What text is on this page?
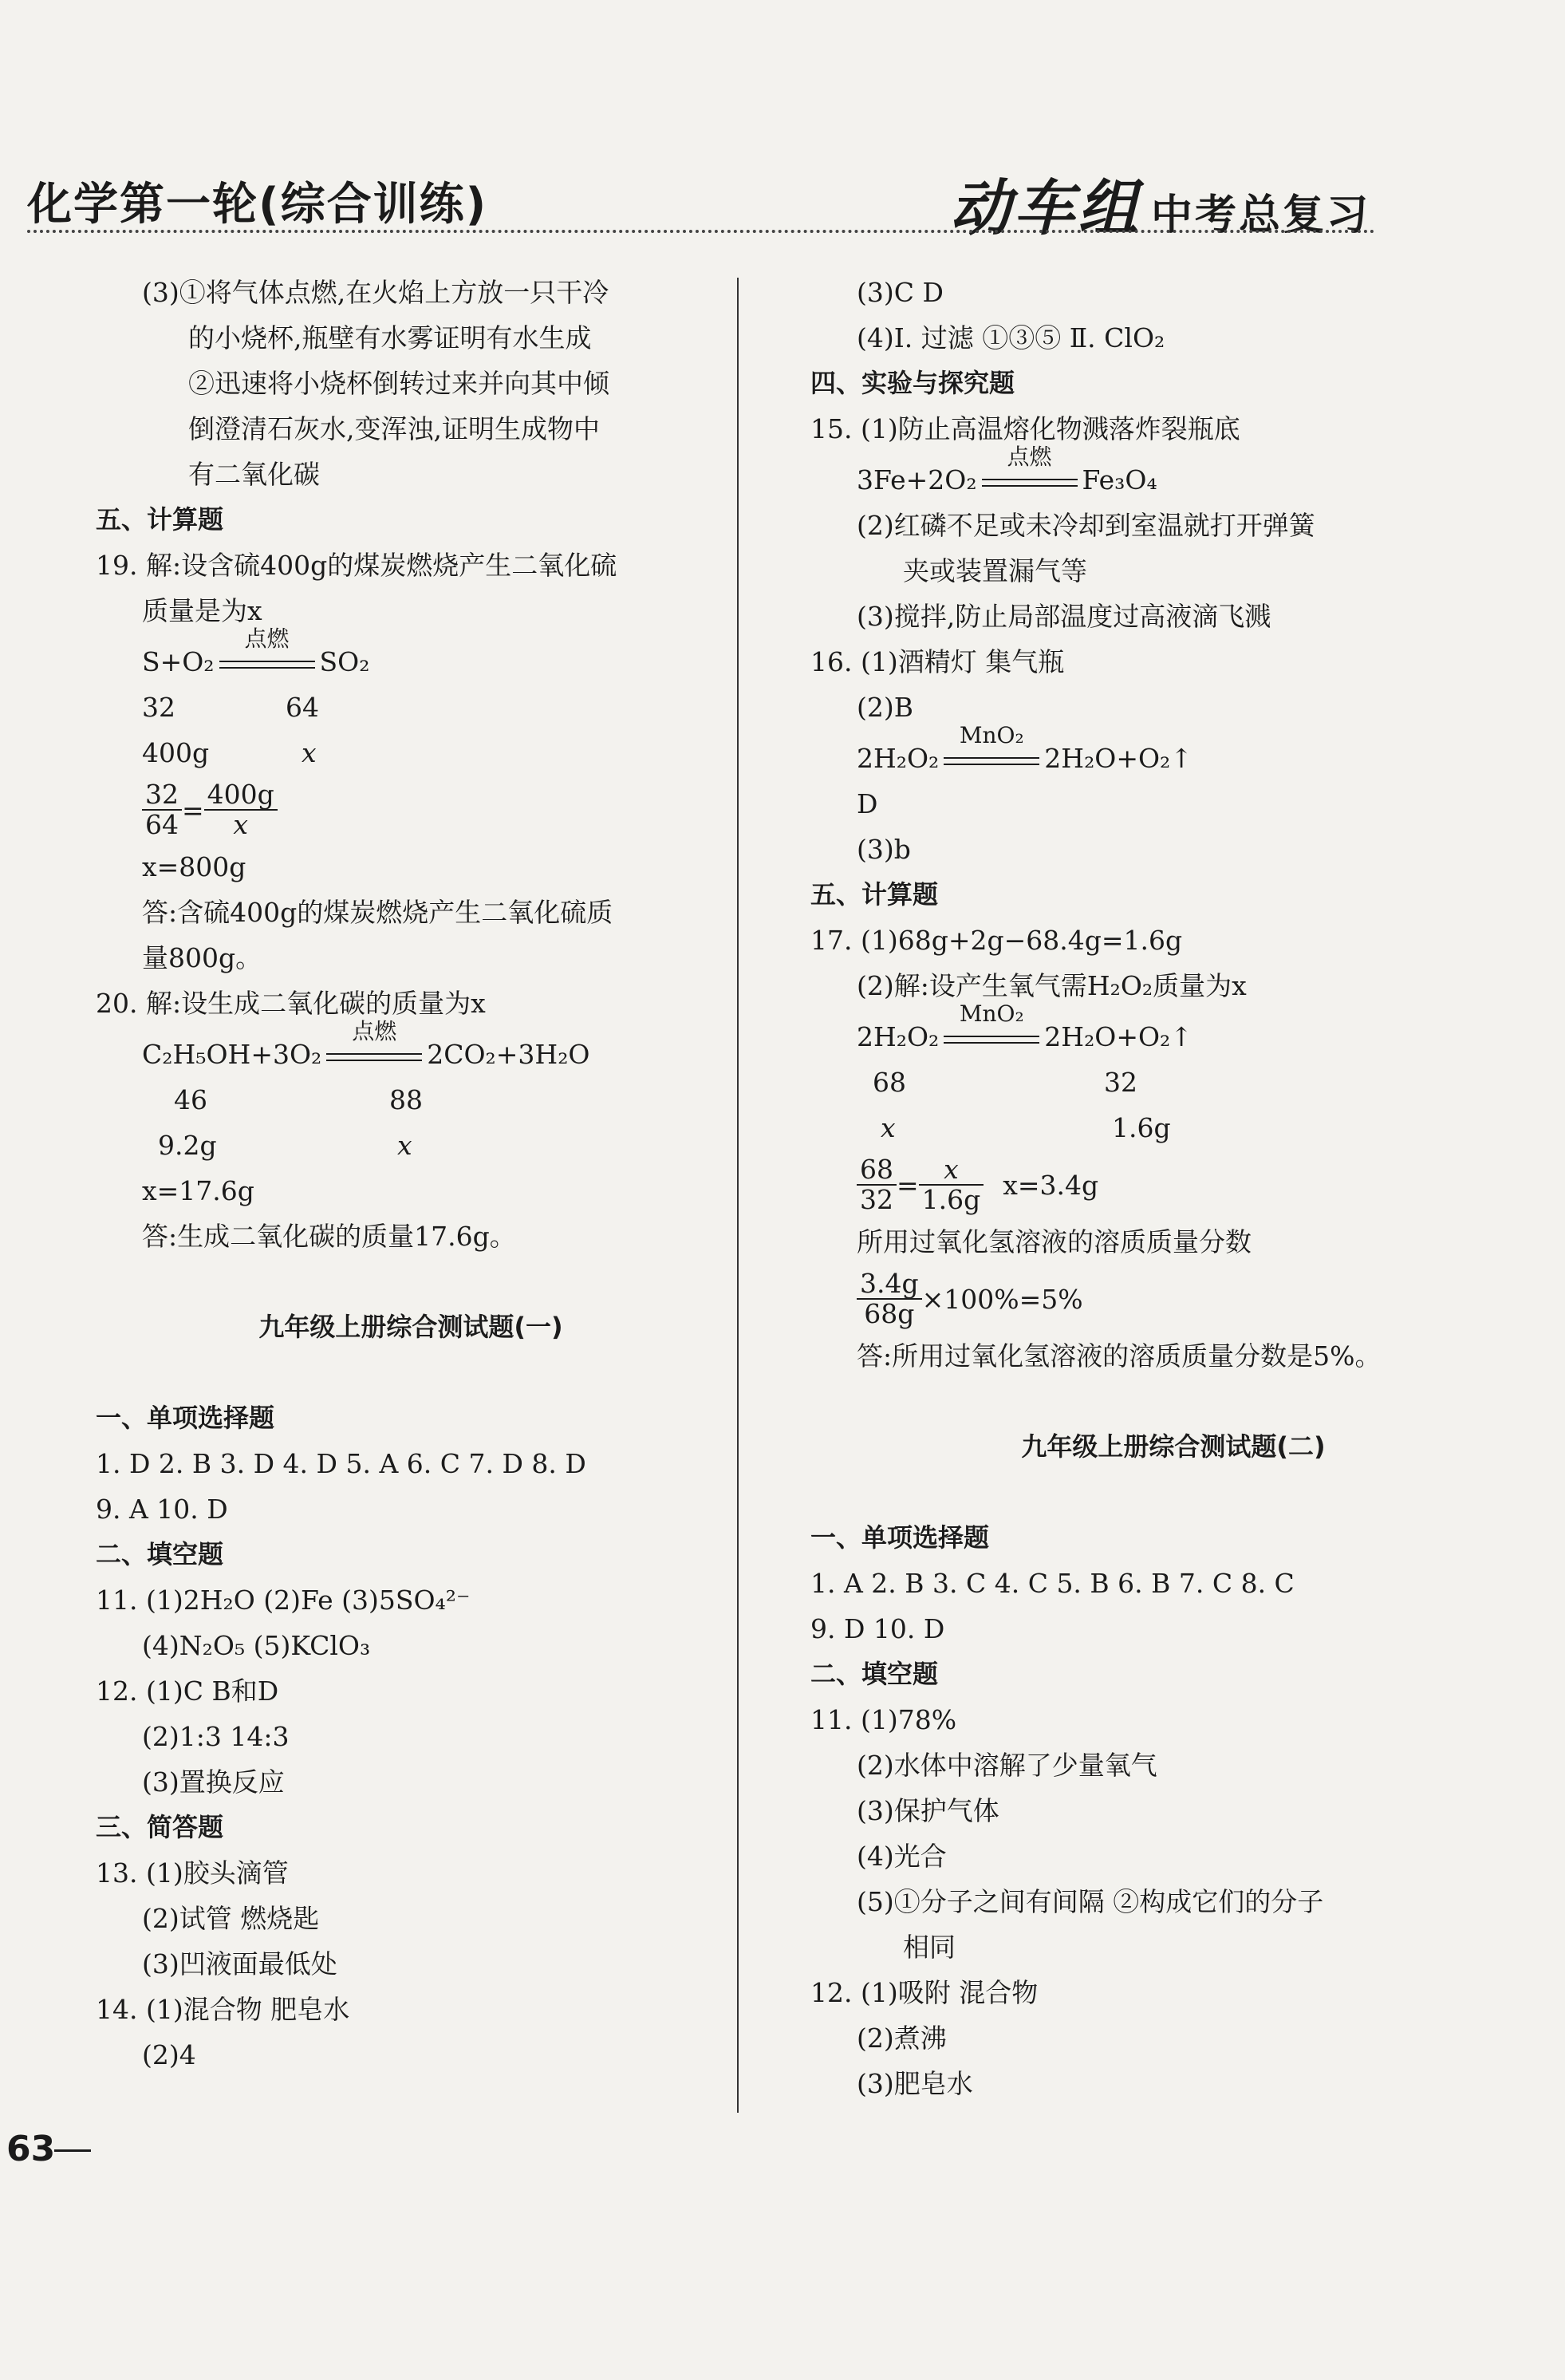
化学第一轮(综合训练)	动车组 中考总复习
(3)①将气体点燃,在火焰上方放一只干冷
的小烧杯,瓶壁有水雾证明有水生成
②迅速将小烧杯倒转过来并向其中倾
倒澄清石灰水,变浑浊,证明生成物中
有二氧化碳
五、计算题
19. 解:设含硫400g的煤炭燃烧产生二氧化硫
质量是为x
S+O₂
点燃
SO₂
32	64
400g	x
$\frac{32}{64} = \frac{400g}{x}$
x=800g
答:含硫400g的煤炭燃烧产生二氧化硫质
量800g。
20. 解:设生成二氧化碳的质量为x
C₂H₅OH+3O₂
点燃
2CO₂+3H₂O
46	88
9.2g	x
x=17.6g
答:生成二氧化碳的质量17.6g。
九年级上册综合测试题(一)
一、单项选择题
1. D 2. B 3. D 4. D 5. A 6. C 7. D 8. D
9. A 10. D
二、填空题
11. (1)2H₂O (2)Fe (3)5SO₄²⁻
(4)N₂O₅ (5)KClO₃
12. (1)C B和D
(2)1:3 14:3
(3)置换反应
三、简答题
13. (1)胶头滴管
(2)试管 燃烧匙
(3)凹液面最低处
14. (1)混合物 肥皂水
(2)4
(3)C D
(4)Ⅰ. 过滤 ①③⑤ Ⅱ. ClO₂
四、实验与探究题
15. (1)防止高温熔化物溅落炸裂瓶底
3Fe+2O₂
点燃
Fe₃O₄
(2)红磷不足或未冷却到室温就打开弹簧
夹或装置漏气等
(3)搅拌,防止局部温度过高液滴飞溅
16. (1)酒精灯 集气瓶
(2)B
2H₂O₂
MnO₂
2H₂O+O₂↑
D
(3)b
五、计算题
17. (1)68g+2g−68.4g=1.6g
(2)解:设产生氧气需H₂O₂质量为x
2H₂O₂
MnO₂
2H₂O+O₂↑
68	32
x	1.6g
$\frac{68}{32} = \frac{x}{1.6g} x=3.4g$
所用过氧化氢溶液的溶质质量分数
$\frac{3.4g}{68g} \times 100\%=5\%$
答:所用过氧化氢溶液的溶质质量分数是5%。
九年级上册综合测试题(二)
一、单项选择题
1. A 2. B 3. C 4. C 5. B 6. B 7. C 8. C
9. D 10. D
二、填空题
11. (1)78%
(2)水体中溶解了少量氧气
(3)保护气体
(4)光合
(5)①分子之间有间隔 ②构成它们的分子
相同
12. (1)吸附 混合物
(2)煮沸
(3)肥皂水
63
